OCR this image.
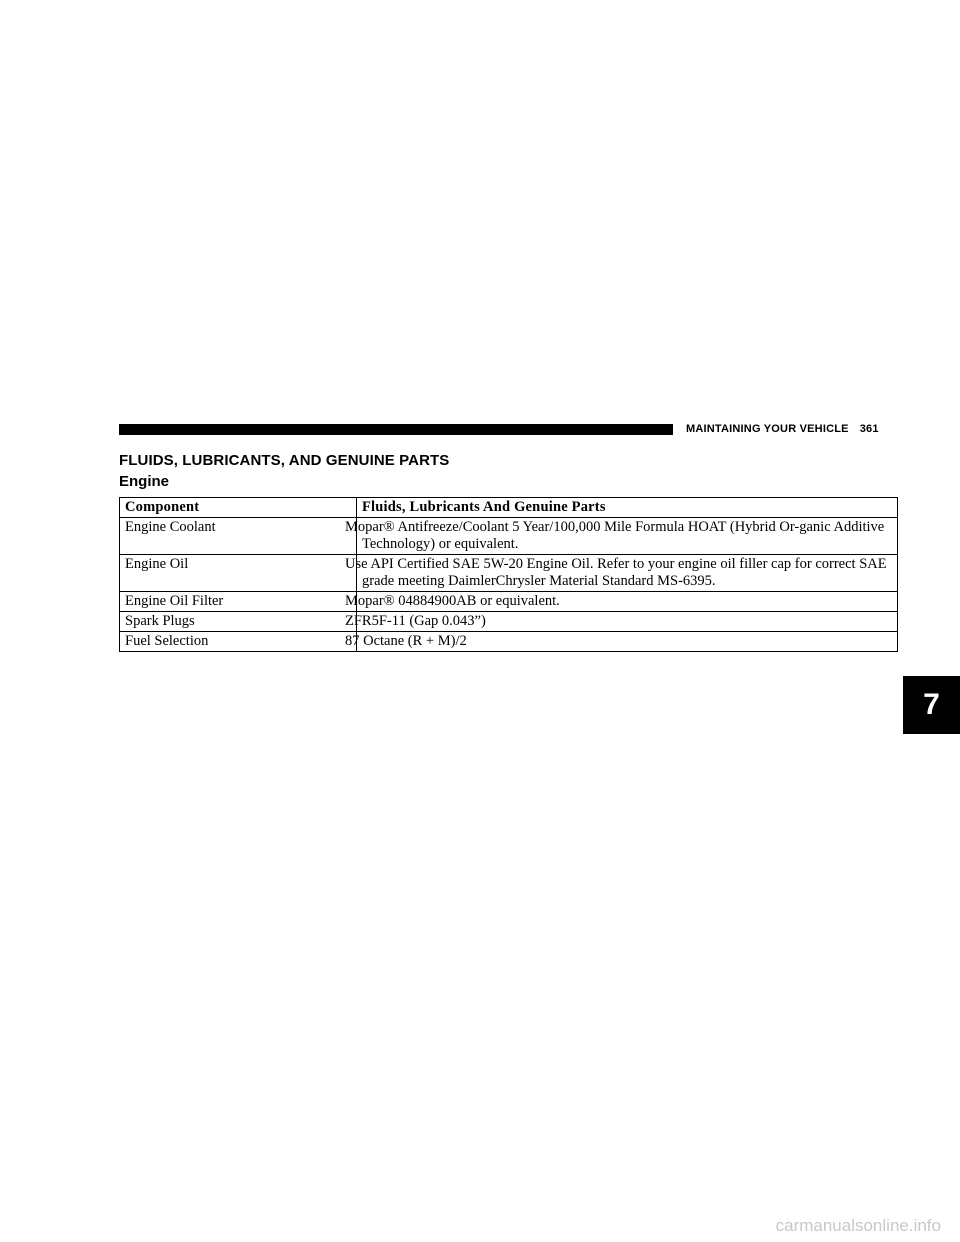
MAINTAINING YOUR VEHICLE 361
FLUIDS, LUBRICANTS, AND GENUINE PARTS
Engine
Component	Fluids, Lubricants And Genuine Parts
Engine Coolant	Mopar® Antifreeze/Coolant 5 Year/100,000 Mile Formula HOAT (Hybrid Or-ganic Additive Technology) or equivalent.
Engine Oil	Use API Certified SAE 5W-20 Engine Oil. Refer to your engine oil filler cap for correct SAE grade meeting DaimlerChrysler Material Standard MS-6395.
Engine Oil Filter	Mopar® 04884900AB or equivalent.
Spark Plugs	ZFR5F-11 (Gap 0.043”)
Fuel Selection	87 Octane (R + M)/2
7
carmanualsonline.info
